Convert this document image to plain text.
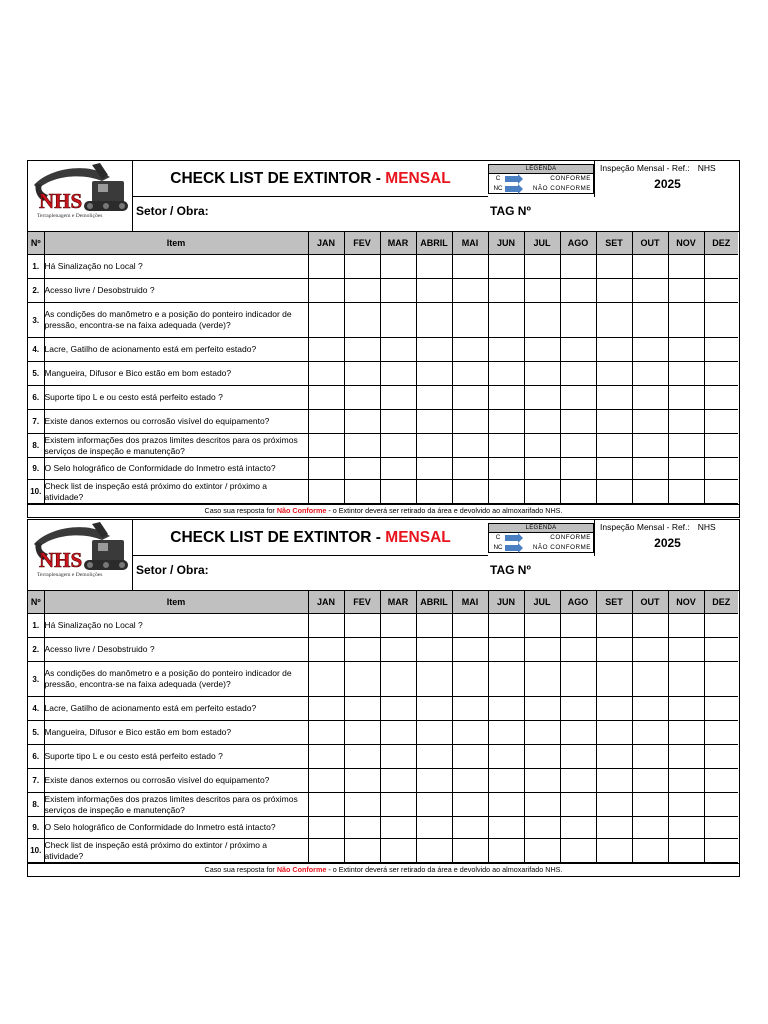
NHS
Terraplenagem e Demolições
CHECK LIST DE EXTINTOR - MENSAL
LEGENDA
C	CONFORME
NC	NÃO CONFORME
Inspeção Mensal - Ref.: NHS
2025
Setor / Obra:	TAG Nº
Nº	Item	JAN	FEV	MAR	ABRIL	MAI	JUN	JUL	AGO	SET	OUT	NOV	DEZ
1.	Há Sinalização no Local ?												
2.	Acesso livre / Desobstruido ?												
3.	As condições do manômetro e a posição do ponteiro indicador de pressão, encontra-se na faixa adequada (verde)?												
4.	Lacre, Gatilho de acionamento está em perfeito estado?												
5.	Mangueira, Difusor e Bico estão em bom estado?												
6.	Suporte tipo L e ou cesto está perfeito estado ?												
7.	Existe danos externos ou corrosão visível do equipamento?												
8.	Existem informações dos prazos limites descritos para os próximos serviços de inspeção e manutenção?												
9.	O Selo holográfico de Conformidade do Inmetro está intacto?												
10.	Check list de inspeção está próximo do extintor / próximo a atividade?												
Caso sua resposta for Não Conforme - o Extintor deverá ser retirado da área e devolvido ao almoxarifado NHS.
NHS
Terraplenagem e Demolições
CHECK LIST DE EXTINTOR - MENSAL
LEGENDA
C	CONFORME
NC	NÃO CONFORME
Inspeção Mensal - Ref.: NHS
2025
Setor / Obra:	TAG Nº
Nº	Item	JAN	FEV	MAR	ABRIL	MAI	JUN	JUL	AGO	SET	OUT	NOV	DEZ
1.	Há Sinalização no Local ?												
2.	Acesso livre / Desobstruido ?												
3.	As condições do manômetro e a posição do ponteiro indicador de pressão, encontra-se na faixa adequada (verde)?												
4.	Lacre, Gatilho de acionamento está em perfeito estado?												
5.	Mangueira, Difusor e Bico estão em bom estado?												
6.	Suporte tipo L e ou cesto está perfeito estado ?												
7.	Existe danos externos ou corrosão visível do equipamento?												
8.	Existem informações dos prazos limites descritos para os próximos serviços de inspeção e manutenção?												
9.	O Selo holográfico de Conformidade do Inmetro está intacto?												
10.	Check list de inspeção está próximo do extintor / próximo a atividade?												
Caso sua resposta for Não Conforme - o Extintor deverá ser retirado da área e devolvido ao almoxarifado NHS.
